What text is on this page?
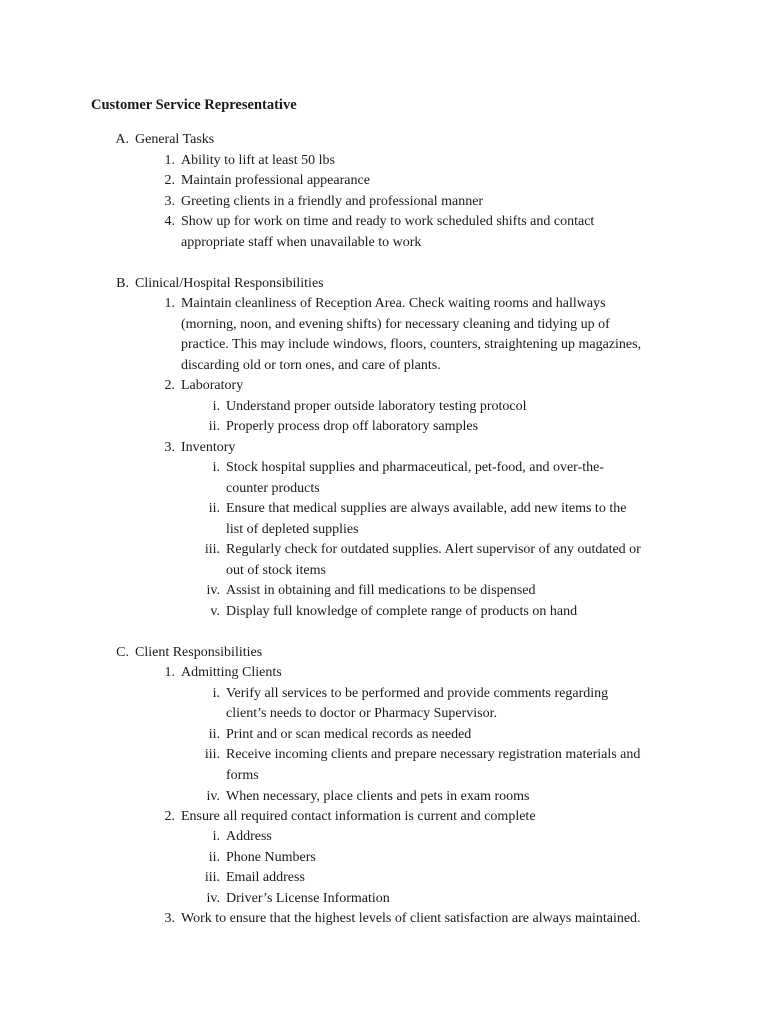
Customer Service Representative

A. General Tasks

1. Ability to lift at least 50 lbs

2. Maintain professional appearance

3. Greeting clients in a friendly and professional manner

4. Show up for work on time and ready to work scheduled shifts and contact

appropriate staff when unavailable to work

B. Clinical/Hospital Responsibilities

1. Maintain cleanliness of Reception Area. Check waiting rooms and hallways

(morning, noon, and evening shifts) for necessary cleaning and tidying up of

practice. This may include windows, floors, counters, straightening up magazines,

discarding old or torn ones, and care of plants.

2. Laboratory

i. Understand proper outside laboratory testing protocol

ii. Properly process drop off laboratory samples

3. Inventory

i. Stock hospital supplies and pharmaceutical, pet-food, and over-the-

counter products

ii. Ensure that medical supplies are always available, add new items to the

list of depleted supplies

iii. Regularly check for outdated supplies. Alert supervisor of any outdated or

out of stock items

iv. Assist in obtaining and fill medications to be dispensed

v. Display full knowledge of complete range of products on hand

C. Client Responsibilities

1. Admitting Clients

i. Verify all services to be performed and provide comments regarding

client’s needs to doctor or Pharmacy Supervisor.

ii. Print and or scan medical records as needed

iii. Receive incoming clients and prepare necessary registration materials and

forms

iv. When necessary, place clients and pets in exam rooms

2. Ensure all required contact information is current and complete

i. Address

ii. Phone Numbers

iii. Email address

iv. Driver’s License Information

3. Work to ensure that the highest levels of client satisfaction are always maintained.
